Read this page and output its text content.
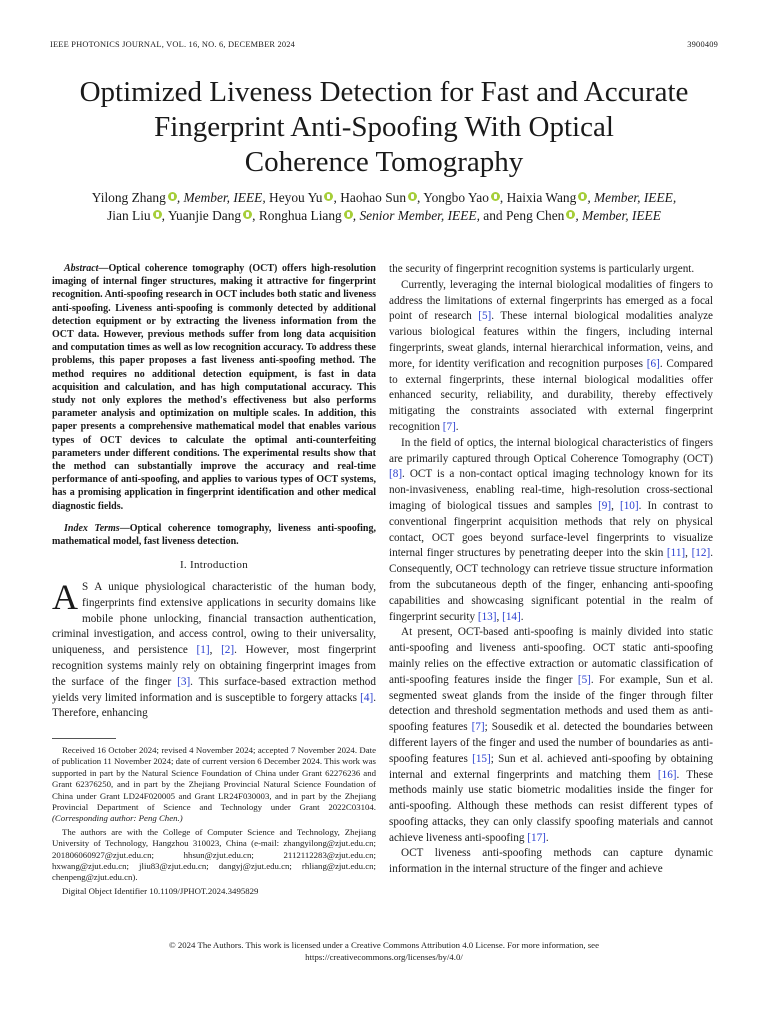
IEEE PHOTONICS JOURNAL, VOL. 16, NO. 6, DECEMBER 2024	3900409
Optimized Liveness Detection for Fast and Accurate
Fingerprint Anti-Spoofing With Optical
Coherence Tomography
Yilong Zhang , Member, IEEE, Heyou Yu , Haohao Sun , Yongbo Yao , Haixia Wang , Member, IEEE,
Jian Liu , Yuanjie Dang , Ronghua Liang , Senior Member, IEEE, and Peng Chen , Member, IEEE

Abstract—Optical coherence tomography (OCT) offers high-resolution imaging of internal finger structures, making it attractive for fingerprint recognition. Anti-spoofing research in OCT includes both static and liveness anti-spoofing. Liveness anti-spoofing is commonly detected by additional detection equipment or by extracting the liveness information from the OCT data. However, previous methods suffer from long data acquisition and computation times as well as low recognition accuracy. To address these problems, this paper proposes a fast liveness anti-spoofing method. The method requires no additional detection equipment, is fast in data acquisition and calculation, and has high computational accuracy. This study not only explores the method's effectiveness but also performs parameter analysis and optimization on multiple scales. In addition, this paper presents a comprehensive mathematical model that enables various types of OCT devices to calculate the optimal anti-counterfeiting parameters under different conditions. The experimental results show that the method can substantially improve the accuracy and real-time performance of anti-spoofing, and applies to various types of OCT systems, has a promising application in fingerprint identification and other medical diagnostic fields.

Index Terms—Optical coherence tomography, liveness anti-spoofing, mathematical model, fast liveness detection.

I. Introduction

A S A unique physiological characteristic of the human body, fingerprints find extensive applications in security domains like mobile phone unlocking, financial transaction authentication, criminal investigation, and access control, owing to their universality, uniqueness, and persistence [1], [2]. However, most fingerprint recognition systems mainly rely on obtaining fingerprint images from the surface of the finger [3]. This surface-based extraction method yields very limited information and is susceptible to forgery attacks [4]. Therefore, enhancing

the security of fingerprint recognition systems is particularly urgent.

Currently, leveraging the internal biological modalities of fingers to address the limitations of external fingerprints has emerged as a focal point of research [5]. These internal biological modalities analyze various biological features within the fingers, including internal fingerprints, sweat glands, internal hierarchical information, veins, and more, for identity verification and recognition purposes [6]. Compared to external fingerprints, these internal biological modalities offer enhanced security, reliability, and durability, thereby effectively mitigating the constraints associated with external fingerprint recognition [7].

In the field of optics, the internal biological characteristics of fingers are primarily captured through Optical Coherence Tomography (OCT) [8]. OCT is a non-contact optical imaging technology known for its non-invasiveness, enabling real-time, high-resolution cross-sectional imaging of biological tissues and samples [9], [10]. In contrast to conventional fingerprint acquisition methods that rely on physical contact, OCT goes beyond surface-level fingerprints to visualize internal finger structures by penetrating deeper into the skin [11], [12]. Consequently, OCT technology can retrieve tissue structure information from the subcutaneous depth of the finger, enhancing anti-spoofing capabilities and showcasing significant potential in the realm of fingerprint security [13], [14].

At present, OCT-based anti-spoofing is mainly divided into static anti-spoofing and liveness anti-spoofing. OCT static anti-spoofing mainly relies on the effective extraction or automatic classification of anti-spoofing features inside the finger [5]. For example, Sun et al. segmented sweat glands from the inside of the finger through filter detection and threshold segmentation methods and used them as anti-spoofing features [7]; Sousedik et al. detected the boundaries between different layers of the finger and used the number of boundaries as anti-spoofing features [15]; Sun et al. achieved anti-spoofing by obtaining internal and external fingerprints and matching them [16]. These methods mainly use static biometric modalities inside the finger for anti-spoofing. Although these methods can resist different types of spoofing attacks, they can only classify spoofing materials and cannot achieve liveness anti-spoofing [17].

OCT liveness anti-spoofing methods can capture dynamic information in the internal structure of the finger and achieve

Received 16 October 2024; revised 4 November 2024; accepted 7 November 2024. Date of publication 11 November 2024; date of current version 6 December 2024. This work was supported in part by the Natural Science Foundation of China under Grant 62276236 and Grant 62376250, and in part by the Zhejiang Provincial Natural Science Foundation of China under Grant LD24F020005 and Grant LR24F030003, and in part by the Zhejiang Provincial Department of Science and Technology under Grant 2022C03104. (Corresponding author: Peng Chen.)

The authors are with the College of Computer Science and Technology, Zhejiang University of Technology, Hangzhou 310023, China (e-mail: zhangyilong@zjut.edu.cn; 201806060927@zjut.edu.cn; hhsun@zjut.edu.cn; 2112112283@zjut.edu.cn; hxwang@zjut.edu.cn; jliu83@zjut.edu.cn; dangyj@zjut.edu.cn; rhliang@zjut.edu.cn; chenpeng@zjut.edu.cn).

Digital Object Identifier 10.1109/JPHOT.2024.3495829

© 2024 The Authors. This work is licensed under a Creative Commons Attribution 4.0 License. For more information, see
https://creativecommons.org/licenses/by/4.0/
